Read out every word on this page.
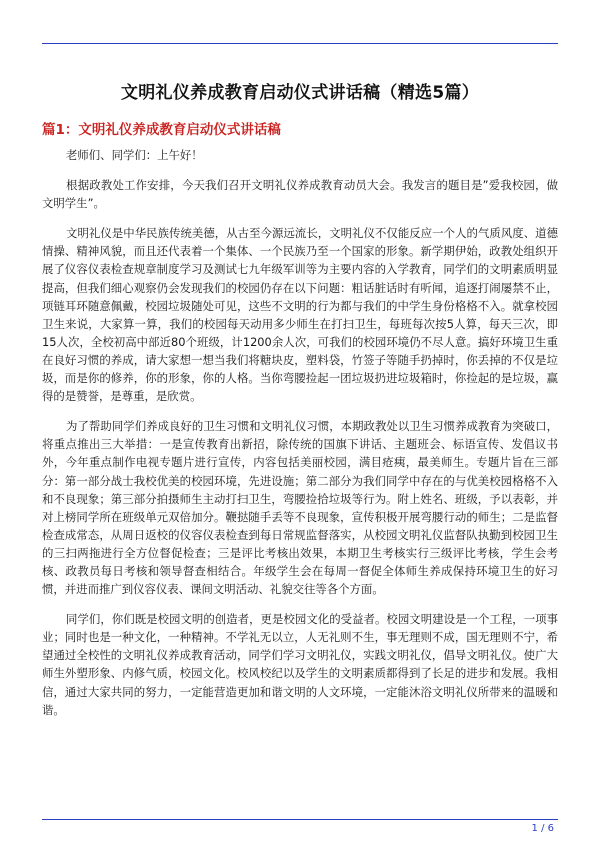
文明礼仪养成教育启动仪式讲话稿（精选5篇）
篇1：文明礼仪养成教育启动仪式讲话稿

老师们、同学们：上午好！

根据政教处工作安排，今天我们召开文明礼仪养成教育动员大会。我发言的题目是”爱我校园，做文明学生”。

文明礼仪是中华民族传统美德，从古至今源远流长，文明礼仪不仅能反应一个人的气质风度、道德情操、精神风貌，而且还代表着一个集体、一个民族乃至一个国家的形象。新学期伊始，政教处组织开展了仪容仪表检查规章制度学习及测试七九年级军训等为主要内容的入学教育，同学们的文明素质明显提高，但我们细心观察仍会发现我们的校园仍存在以下问题：粗话脏话时有听闻，追逐打闹屡禁不止，项链耳环随意佩戴，校园垃圾随处可见，这些不文明的行为都与我们的中学生身份格格不入。就拿校园卫生来说，大家算一算，我们的校园每天动用多少师生在打扫卫生，每班每次按5人算，每天三次，即15人次，全校初高中部近80个班级，计1200余人次，可我们的校园环境仍不尽人意。搞好环境卫生重在良好习惯的养成，请大家想一想当我们将糖块皮，塑料袋，竹签子等随手扔掉时，你丢掉的不仅是垃圾，而是你的修养，你的形象，你的人格。当你弯腰捡起一团垃圾扔进垃圾箱时，你捡起的是垃圾，赢得的是赞誉，是尊重，是欣赏。

为了帮助同学们养成良好的卫生习惯和文明礼仪习惯，本期政教处以卫生习惯养成教育为突破口，将重点推出三大举措：一是宣传教育出新招，除传统的国旗下讲话、主题班会、标语宣传、发倡议书外，今年重点制作电视专题片进行宣传，内容包括美丽校园，满目疮痍，最美师生。专题片旨在三部分：第一部分战士我校优美的校园环境，先进设施；第二部分为我们同学中存在的与优美校园格格不入和不良现象；第三部分拍摄师生主动打扫卫生，弯腰捡拾垃圾等行为。附上姓名、班级，予以表彰，并对上榜同学所在班级单元双倍加分。鞭挞随手丢等不良现象，宣传积极开展弯腰行动的师生；二是监督检查成常态，从周日返校的仪容仪表检查到每日常规监督落实，从校园文明礼仪监督队执勤到校园卫生的三扫两拖进行全方位督促检查；三是评比考核出效果，本期卫生考核实行三级评比考核，学生会考核、政教员每日考核和领导督查相结合。年级学生会在每周一督促全体师生养成保持环境卫生的好习惯，并进而推广到仪容仪表、课间文明活动、礼貌交往等各个方面。

同学们，你们既是校园文明的创造者，更是校园文化的受益者。校园文明建设是一个工程，一项事业；同时也是一种文化，一种精神。不学礼无以立，人无礼则不生，事无理则不成，国无理则不宁，希望通过全校性的文明礼仪养成教育活动，同学们学习文明礼仪，实践文明礼仪，倡导文明礼仪。使广大师生外塑形象、内修气质，校园文化。校风校纪以及学生的文明素质都得到了长足的进步和发展。我相信，通过大家共同的努力，一定能营造更加和谐文明的人文环境，一定能沐浴文明礼仪所带来的温暖和谐。

1 / 6
